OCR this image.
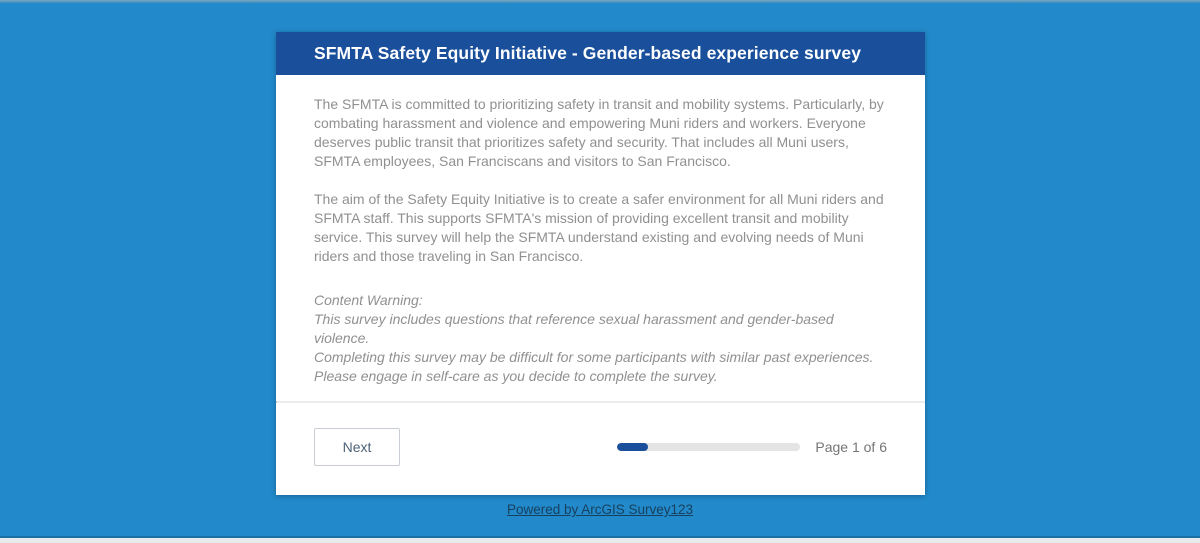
SFMTA Safety Equity Initiative - Gender-based experience survey

The SFMTA is committed to prioritizing safety in transit and mobility systems. Particularly, by combating harassment and violence and empowering Muni riders and workers. Everyone deserves public transit that prioritizes safety and security. That includes all Muni users, SFMTA employees, San Franciscans and visitors to San Francisco.

The aim of the Safety Equity Initiative is to create a safer environment for all Muni riders and SFMTA staff. This supports SFMTA's mission of providing excellent transit and mobility service. This survey will help the SFMTA understand existing and evolving needs of Muni riders and those traveling in San Francisco.

Content Warning:
This survey includes questions that reference sexual harassment and gender-based violence.
Completing this survey may be difficult for some participants with similar past experiences.
Please engage in self-care as you decide to complete the survey.
Next	Page 1 of 6
Powered by ArcGIS Survey123
